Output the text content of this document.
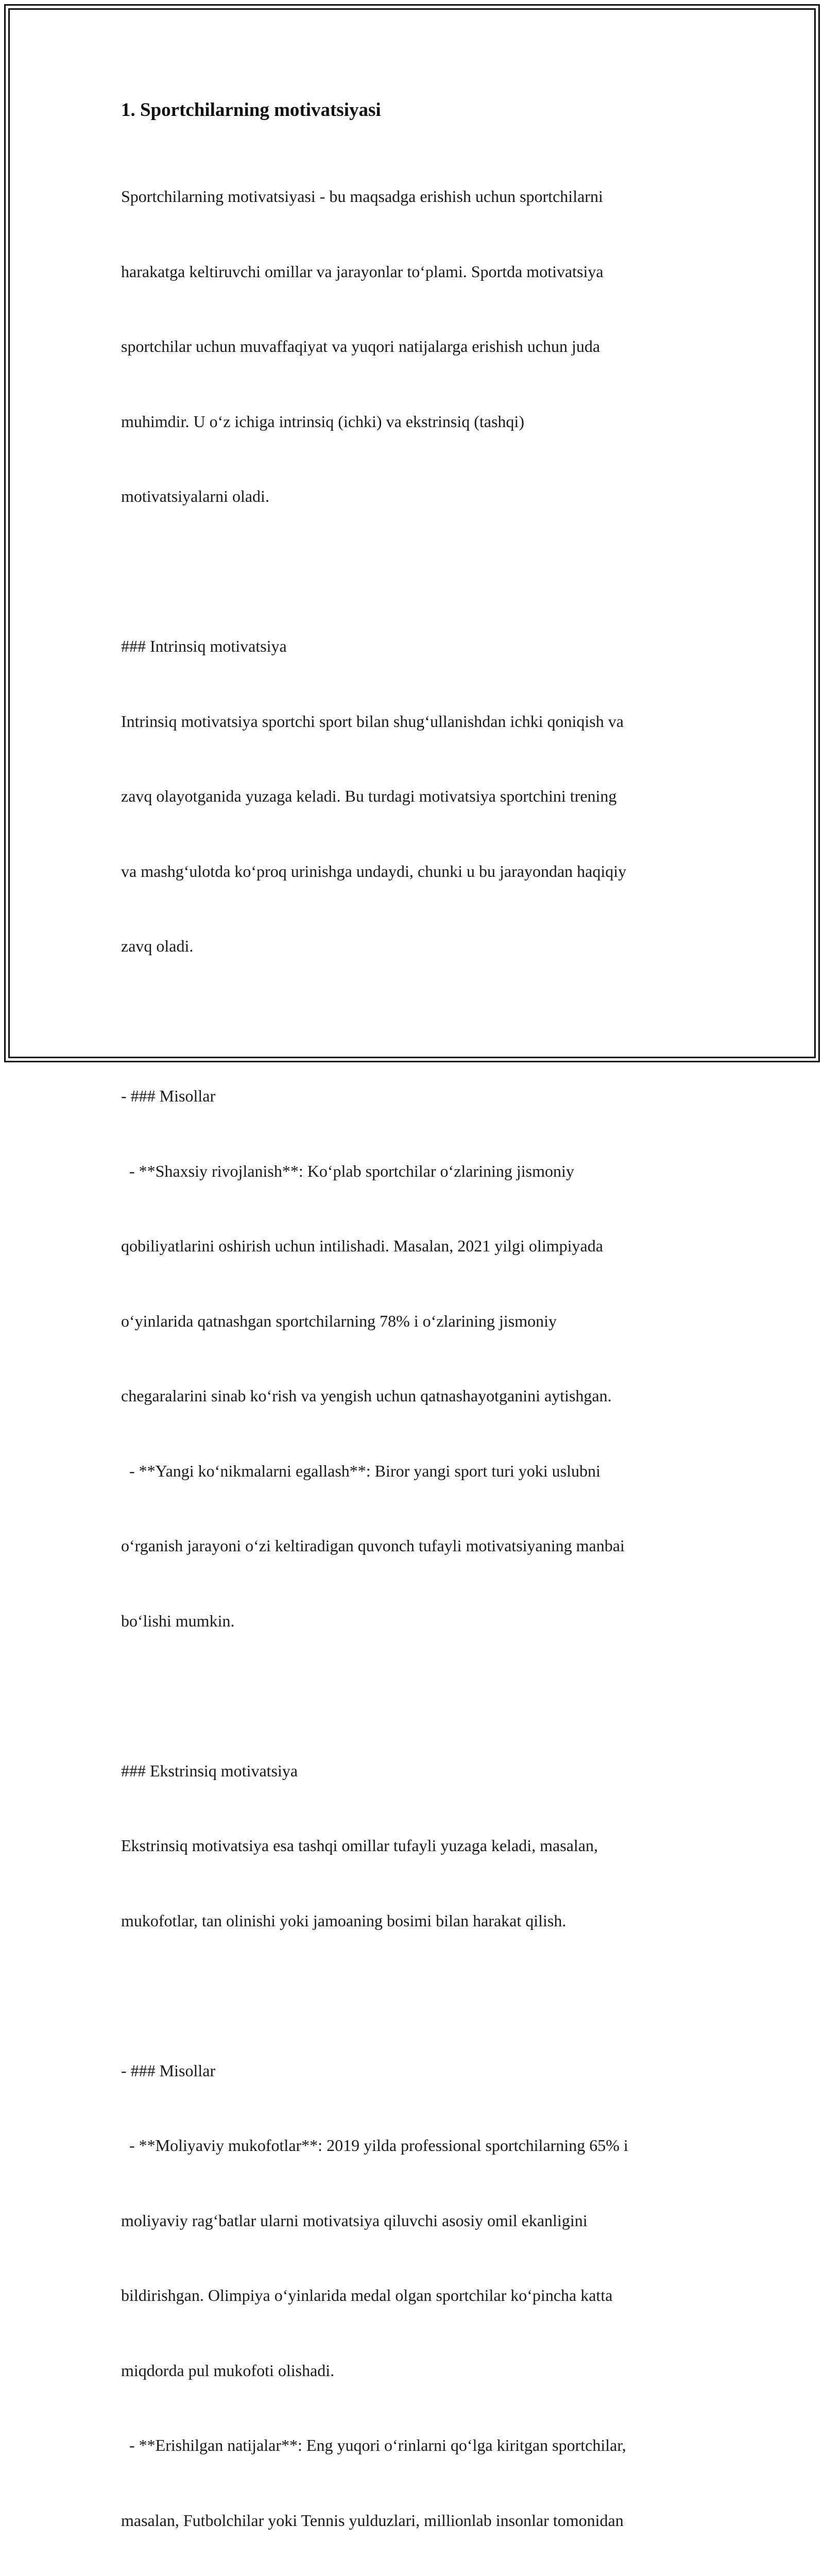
1. Sportchilarning motivatsiyasi

Sportchilarning motivatsiyasi - bu maqsadga erishish uchun sportchilarni

harakatga keltiruvchi omillar va jarayonlar to‘plami. Sportda motivatsiya

sportchilar uchun muvaffaqiyat va yuqori natijalarga erishish uchun juda

muhimdir. U o‘z ichiga intrinsiq (ichki) va ekstrinsiq (tashqi)

motivatsiyalarni oladi.

### Intrinsiq motivatsiya

Intrinsiq motivatsiya sportchi sport bilan shug‘ullanishdan ichki qoniqish va

zavq olayotganida yuzaga keladi. Bu turdagi motivatsiya sportchini trening

va mashg‘ulotda ko‘proq urinishga undaydi, chunki u bu jarayondan haqiqiy

zavq oladi.

- ### Misollar

- **Shaxsiy rivojlanish**: Ko‘plab sportchilar o‘zlarining jismoniy

qobiliyatlarini oshirish uchun intilishadi. Masalan, 2021 yilgi olimpiyada

o‘yinlarida qatnashgan sportchilarning 78% i o‘zlarining jismoniy

chegaralarini sinab ko‘rish va yengish uchun qatnashayotganini aytishgan.

- **Yangi ko‘nikmalarni egallash**: Biror yangi sport turi yoki uslubni

o‘rganish jarayoni o‘zi keltiradigan quvonch tufayli motivatsiyaning manbai

bo‘lishi mumkin.

### Ekstrinsiq motivatsiya

Ekstrinsiq motivatsiya esa tashqi omillar tufayli yuzaga keladi, masalan,

mukofotlar, tan olinishi yoki jamoaning bosimi bilan harakat qilish.

- ### Misollar

- **Moliyaviy mukofotlar**: 2019 yilda professional sportchilarning 65% i

moliyaviy rag‘batlar ularni motivatsiya qiluvchi asosiy omil ekanligini

bildirishgan. Olimpiya o‘yinlarida medal olgan sportchilar ko‘pincha katta

miqdorda pul mukofoti olishadi.

- **Erishilgan natijalar**: Eng yuqori o‘rinlarni qo‘lga kiritgan sportchilar,

masalan, Futbolchilar yoki Tennis yulduzlari, millionlab insonlar tomonidan
